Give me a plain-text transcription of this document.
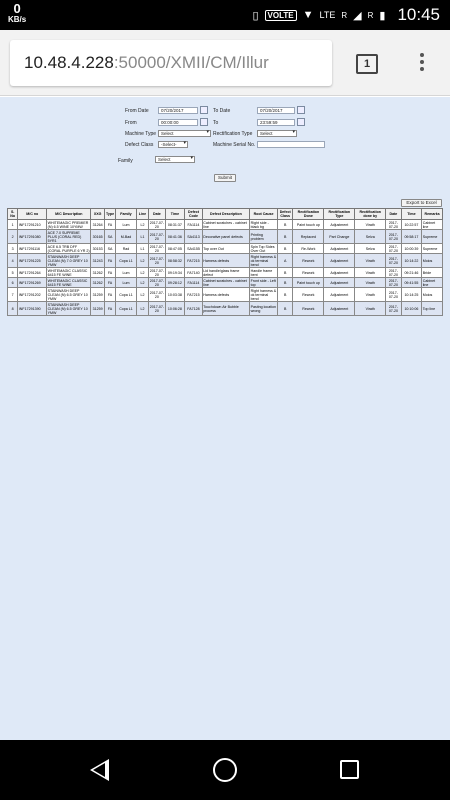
0
KB/s	▯	VOLTE ▼ LTE R ◢ R ▮ 10:45
10.48.4.228:50000/XMII/CM/Illur	1
From Date	07/20/2017	To Date	07/20/2017
From	00:00:00	To	23:59:59
Machine Type	Select ▾	Rectification Type	Select ▾
Defect Class	-Select- ▾	Machine Serial No.
Family	Select ▾
Submit
Export to Excel
S. No	M/C no	M/C Description	XXG	Type	Family	Line	Date	Time	Defect Code	Defect Description	Root Cause	Defect Class	Rectification Done	Rectification Type	Rectification done by	Date	Time	Remarks
1	INF17291210	WHITEMAGIC PREMIER (N) 6.5 WINE 10YMW	31264	FA	Lum	L2	2017-07-20	08:31:37	FA1114	Cabinet scratches - cabinet line	Right side - black bg	B	Paint touch up	Adjustment	Virath	2017-07-20	10:22:57	Cabinet line
2	INF17291080	ACE 7.0 SUPREME PLUS (CORAL RED) 5YR1	30165	SA	M-Bad	L1	2017-07-20	08:41:36	SA4113	Decorative panel defects	Printing problem	B	Replaced	Part Change	Selva	2017-07-20	09:58:17	Supreme
3	INF17291116	ACE 6.5 TRB DFF (CORAL PURPLE 6 YR 2)	30153	SA	Rad	L1	2017-07-20	08:47:05	SA4155	Top over Out	Spin Top Sides Over Out	B	Re-Work	Adjustment	Selva	2017-07-20	10:00:39	Supreme
4	INF17291225	STAINWASH DEEP CLEAN (N) 7.0 GREY 10 YMW	31243	FA	Copa L1	L2	2017-07-20	08:58:32	FA7215	Harness defects	Right harness & ok terminal bend	A	Rework	Adjustment	Virath	2017-07-20	10:14:22	Moios
5	INF17291264	WHITEMAGIC CLASSIC 6415 FE WINE	31262	FA	Lum	L2	2017-07-20	09:19:34	FA7140	Lid handle/glass frame defect	Handle frame bent	B	Rework	Adjustment	Virath	2017-07-20	09:21:46	Bride
6	INF17291269	WHITEMAGIC CLASSIC 6415 FE WINE	31262	FA	Lum	L2	2017-07-20	09:28:12	FA1114	Cabinet scratches - cabinet line	Front side - Left top	B	Paint touch up	Adjustment	Virath	2017-07-20	09:41:55	Cabinet line
7	INF17291202	STAINWASH DEEP CLEAN (N) 6.5 GREY 10 YMW	31259	FA	Copa L1	L2	2017-07-20	10:03:38	FA7215	Harness defects	Right harness & ok terminal bend	B	Rework	Adjustment	Virath	2017-07-20	10:14:25	Moios
8	INF17291390	STAINWASH DEEP CLEAN (N) 6.5 GREY 10 YMW	31259	FA	Copa L1	L2	2017-07-20	10:06:28	FA7128	Touchdown Air Bubble process	Pasting location wrong	B	Rework	Adjustment	Virath	2017-07-20	10:10:06	Top line
